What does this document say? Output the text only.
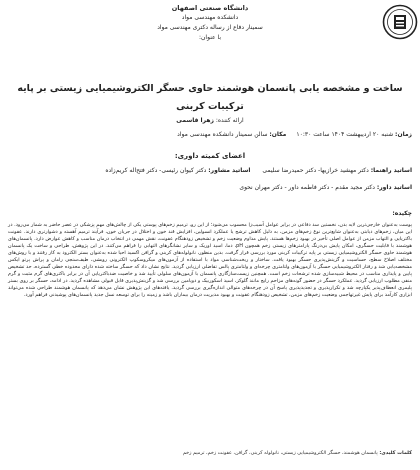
دانشگاه صنعتی اصفهان
دانشکده مهندسی مواد
سمینار دفاع از رساله دکتری مهندسی مواد
با عنوان:
ساخت و مشخصه یابی پانسمان هوشمند حاوی حسگر الکتروشیمیایی زیستی بر پایه ترکیبات کربنی
ارائه کننده: زهرا قاسمی
زمان: شنبه ۲۰ اردیبهشت ۱۴۰۴ ساعت ۱۰:۳۰
مکان: سالن سمینار دانشکده مهندسی مواد
اعضای کمیته داوری:
اساتید راهنما: دکتر مهشید خرازیها- دکتر حمیدرضا سلیمی
اساتید مشاور: دکتر کیوان رئیسی- دکتر فتح‌اله کریم‌زاده
اساتید داور: دکتر مجید مقدم - دکتر فاطمه داور - دکتر مهران نحوی
چکیده:
پوست به‌عنوان خارجی‌ترین لایه بدن، نخستین سد دفاعی در برابر عوامل آسیب‌زا محسوب می‌شود؛ از این رو، ترمیم زخم‌های پوستی یکی از چالش‌های مهم پزشکی در عصر حاضر به شمار می‌رود. در این میان، زخم‌های دیابتی به‌عنوان شایع‌ترین نوع زخم‌های مزمن، به دلیل کاهش ترشح یا عملکرد انسولین، افزایش قند خون و اختلال در جریان خون، فرآیند ترمیم آهسته و دشوارتری دارند. عفونت باکتریایی و التهاب مزمن از عوامل اصلی تأخیر در بهبود زخم‌ها هستند. پایش مداوم وضعیت زخم و تشخیص زودهنگام عفونت، نقش مهمی در انتخاب درمان مناسب و کاهش عوارض دارد. پانسمان‌های هوشمند با قابلیت حسگری، امکان پایش بی‌درنگ پارامترهای زیستی زخم همچون pH، دما، اسید اوریک و سایر نشانگرهای التهابی را فراهم می‌کنند. در این پژوهش، طراحی و ساخت یک پانسمان هوشمند حاوی حسگر الکتروشیمیایی زیستی بر پایه ترکیبات کربنی مورد بررسی قرار گرفت. بدین منظور، نانولوله‌های کربنی و گرافن اکسید احیا شده به‌عنوان بستر الکترود به کار رفتند و با روش‌های مختلف اصلاح سطح، حساسیت و گزینش‌پذیری حسگر بهبود یافت. ساختار و ریخت‌شناسی مواد با استفاده از آزمون‌های میکروسکوپ الکترونی روبشی، طیف‌سنجی رامان و پراش پرتو ایکس مشخصه‌یابی شد و رفتار الکتروشیمیایی حسگر با آزمون‌های ولتامتری چرخه‌ای و ولتامتری پالس تفاضلی ارزیابی گردید. نتایج نشان داد که حسگر ساخته شده دارای محدوده خطی گسترده، حد تشخیص پایین و پایداری مناسب در محیط شبیه‌سازی شده ترشحات زخم است. همچنین زیست‌سازگاری پانسمان با آزمون‌های سلولی تأیید شد و خاصیت ضدباکتریایی آن در برابر باکتری‌های گرم مثبت و گرم منفی مطلوب ارزیابی گردید. عملکرد حسگر در حضور گونه‌های مزاحم رایج مانند گلوکز، اسید اسکوربیک و دوپامین بررسی شد و گزینش‌پذیری قابل قبولی مشاهده گردید. در ادامه، حسگر بر روی بستر پلیمری انعطاف‌پذیر یکپارچه شد و تکرارپذیری و تجدیدپذیری پاسخ آن در چرخه‌های متوالی اندازه‌گیری بررسی گردید. یافته‌های این پژوهش نشان می‌دهد که پانسمان هوشمند طراحی شده می‌تواند ابزاری کارآمد برای پایش غیرتهاجمی وضعیت زخم‌های مزمن، تشخیص زودهنگام عفونت و بهبود مدیریت درمان بیماران باشد و زمینه را برای توسعه نسل جدید پانسمان‌های پوشیدنی فراهم آورد.
کلمات کلیدی: پانسمان هوشمند، حسگر الکتروشیمیایی زیستی، نانولوله کربنی، گرافن، عفونت زخم، ترمیم زخم
